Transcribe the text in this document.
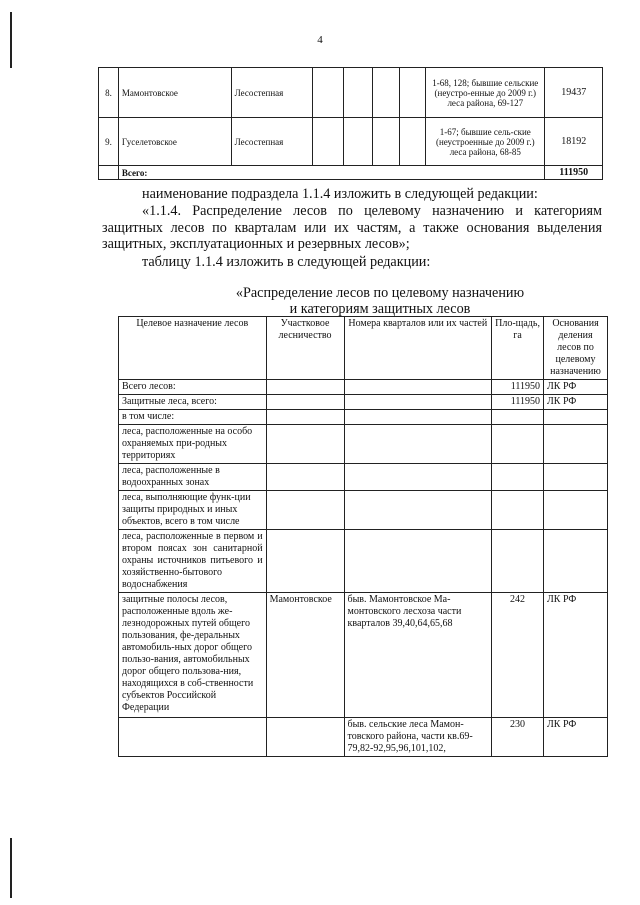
4
8.	Мамонтовское	Лесостепная					1-68, 128; бывшие сельские (неустро-енные до 2009 г.) леса района, 69-127	19437
9.	Гуселетовское	Лесостепная					1-67; бывшие сель-ские (неустроенные до 2009 г.) леса района, 68-85	18192
	Всего:							111950

наименование подраздела 1.1.4 изложить в следующей редакции:

«1.1.4. Распределение лесов по целевому назначению и категориям защитных лесов по кварталам или их частям, а также основания выделения защитных, эксплуатационных и резервных лесов»;

таблицу 1.1.4 изложить в следующей редакции:

«Распределение лесов по целевому назначению
и категориям защитных лесов
Целевое назначение лесов	Участковое лесничество	Номера кварталов или их частей	Пло-щадь, га	Основания деления лесов по целевому назначению
Всего лесов:			111950	ЛК РФ
Защитные леса, всего:			111950	ЛК РФ
в том числе:				
леса, расположенные на особо охраняемых при-родных территориях				
леса, расположенные в водоохранных зонах				
леса, выполняющие функ-ции защиты природных и иных объектов, всего в том числе				
леса, расположенные в первом и втором поясах зон санитарной охраны источников питьевого и хозяйственно-бытового водоснабжения				
защитные полосы лесов, расположенные вдоль же-лезнодорожных путей общего пользования, фе-деральных автомобиль-ных дорог общего пользо-вания, автомобильных дорог общего пользова-ния, находящихся в соб-ственности субъектов Российской Федерации	Мамонтовское	быв. Мамонтовское Ма-монтовского лесхоза части кварталов 39,40,64,65,68	242	ЛК РФ
		быв. сельские леса Мамон-товского района, части кв.69-79,82-92,95,96,101,102,	230	ЛК РФ
